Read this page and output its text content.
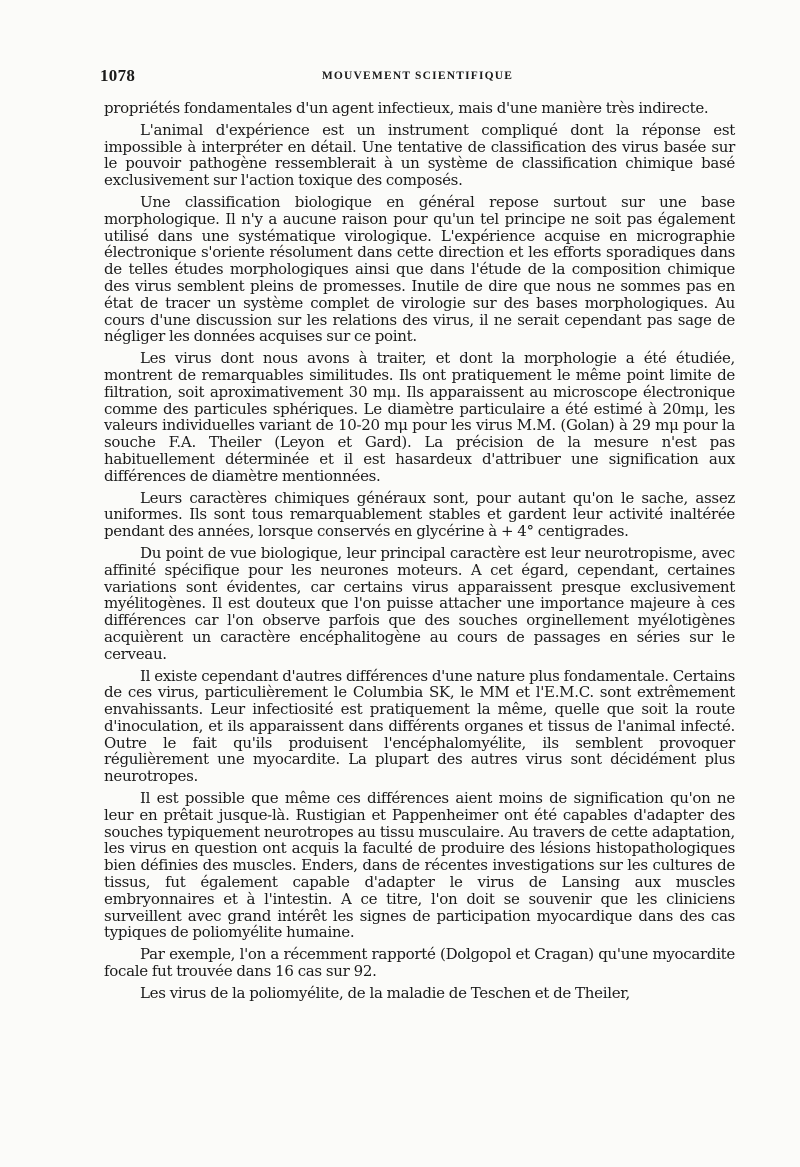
1078	MOUVEMENT SCIENTIFIQUE

propriétés fondamentales d'un agent infectieux, mais d'une manière très indirecte.

L'animal d'expérience est un instrument compliqué dont la réponse est impossible à interpréter en détail. Une tentative de classification des virus basée sur le pouvoir pathogène ressemblerait à un système de classification chimique basé exclusivement sur l'action toxique des composés.

Une classification biologique en général repose surtout sur une base morphologique. Il n'y a aucune raison pour qu'un tel principe ne soit pas également utilisé dans une systématique virologique. L'expérience acquise en micrographie électronique s'oriente résolument dans cette direction et les efforts sporadiques dans de telles études morphologiques ainsi que dans l'étude de la composition chimique des virus semblent pleins de promesses. Inutile de dire que nous ne sommes pas en état de tracer un système complet de virologie sur des bases morphologiques. Au cours d'une discussion sur les relations des virus, il ne serait cependant pas sage de négliger les données acquises sur ce point.

Les virus dont nous avons à traiter, et dont la morphologie a été étudiée, montrent de remarquables similitudes. Ils ont pratiquement le même point limite de filtration, soit aproximativement 30 mμ. Ils apparaissent au microscope électronique comme des particules sphériques. Le diamètre particulaire a été estimé à 20mμ, les valeurs individuelles variant de 10-20 mμ pour les virus M.M. (Golan) à 29 mμ pour la souche F.A. Theiler (Leyon et Gard). La précision de la mesure n'est pas habituellement déterminée et il est hasardeux d'attribuer une signification aux différences de diamètre mentionnées.

Leurs caractères chimiques généraux sont, pour autant qu'on le sache, assez uniformes. Ils sont tous remarquablement stables et gardent leur activité inaltérée pendant des années, lorsque conservés en glycérine à + 4° centigrades.

Du point de vue biologique, leur principal caractère est leur neurotropisme, avec affinité spécifique pour les neurones moteurs. A cet égard, cependant, certaines variations sont évidentes, car certains virus apparaissent presque exclusivement myélitogènes. Il est douteux que l'on puisse attacher une importance majeure à ces différences car l'on observe parfois que des souches orginellement myélotigènes acquièrent un caractère encéphalitogène au cours de passages en séries sur le cerveau.

Il existe cependant d'autres différences d'une nature plus fondamentale. Certains de ces virus, particulièrement le Columbia SK, le MM et l'E.M.C. sont extrêmement envahissants. Leur infectiosité est pratiquement la même, quelle que soit la route d'inoculation, et ils apparaissent dans différents organes et tissus de l'animal infecté. Outre le fait qu'ils produisent l'encéphalomyélite, ils semblent provoquer régulièrement une myocardite. La plupart des autres virus sont décidément plus neurotropes.

Il est possible que même ces différences aient moins de signification qu'on ne leur en prêtait jusque-là. Rustigian et Pappenheimer ont été capables d'adapter des souches typiquement neurotropes au tissu musculaire. Au travers de cette adaptation, les virus en question ont acquis la faculté de produire des lésions histopathologiques bien définies des muscles. Enders, dans de récentes investigations sur les cultures de tissus, fut également capable d'adapter le virus de Lansing aux muscles embryonnaires et à l'intestin. A ce titre, l'on doit se souvenir que les cliniciens surveillent avec grand intérêt les signes de participation myocardique dans des cas typiques de poliomyélite humaine.

Par exemple, l'on a récemment rapporté (Dolgopol et Cragan) qu'une myocardite focale fut trouvée dans 16 cas sur 92.

Les virus de la poliomyélite, de la maladie de Teschen et de Theiler,
